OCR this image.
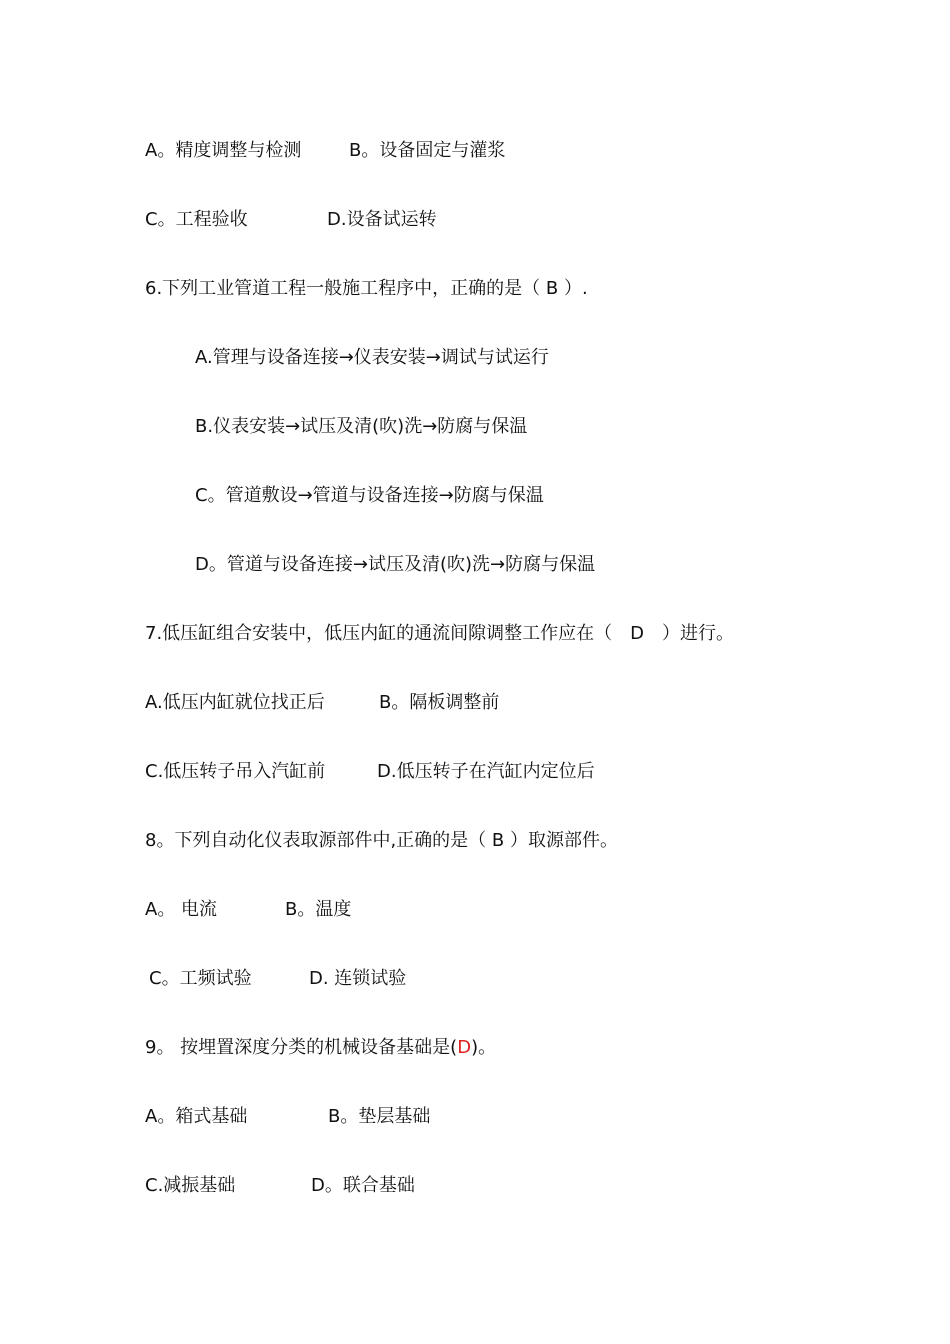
A。精度调整与检测

	B。设备固定与灌浆

C。工程验收

	D.设备试运转

6.下列工业管道工程一般施工程序中，正确的是（ B ）.
A.管理与设备连接→仪表安装→调试与试运行
B.仪表安装→试压及清(吹)洗→防腐与保温
C。管道敷设→管道与设备连接→防腐与保温
D。管道与设备连接→试压及清(吹)洗→防腐与保温
7.低压缸组合安装中，低压内缸的通流间隙调整工作应在（　D　）进行。

A.低压内缸就位找正后

	B。隔板调整前

C.低压转子吊入汽缸前

	D.低压转子在汽缸内定位后

8。下列自动化仪表取源部件中,正确的是（ B ）取源部件。

A。 电流

	B。温度

C。工频试验

	D. 连锁试验

9。 按埋置深度分类的机械设备基础是(D)。

A。箱式基础

	B。垫层基础

C.减振基础

	D。联合基础
